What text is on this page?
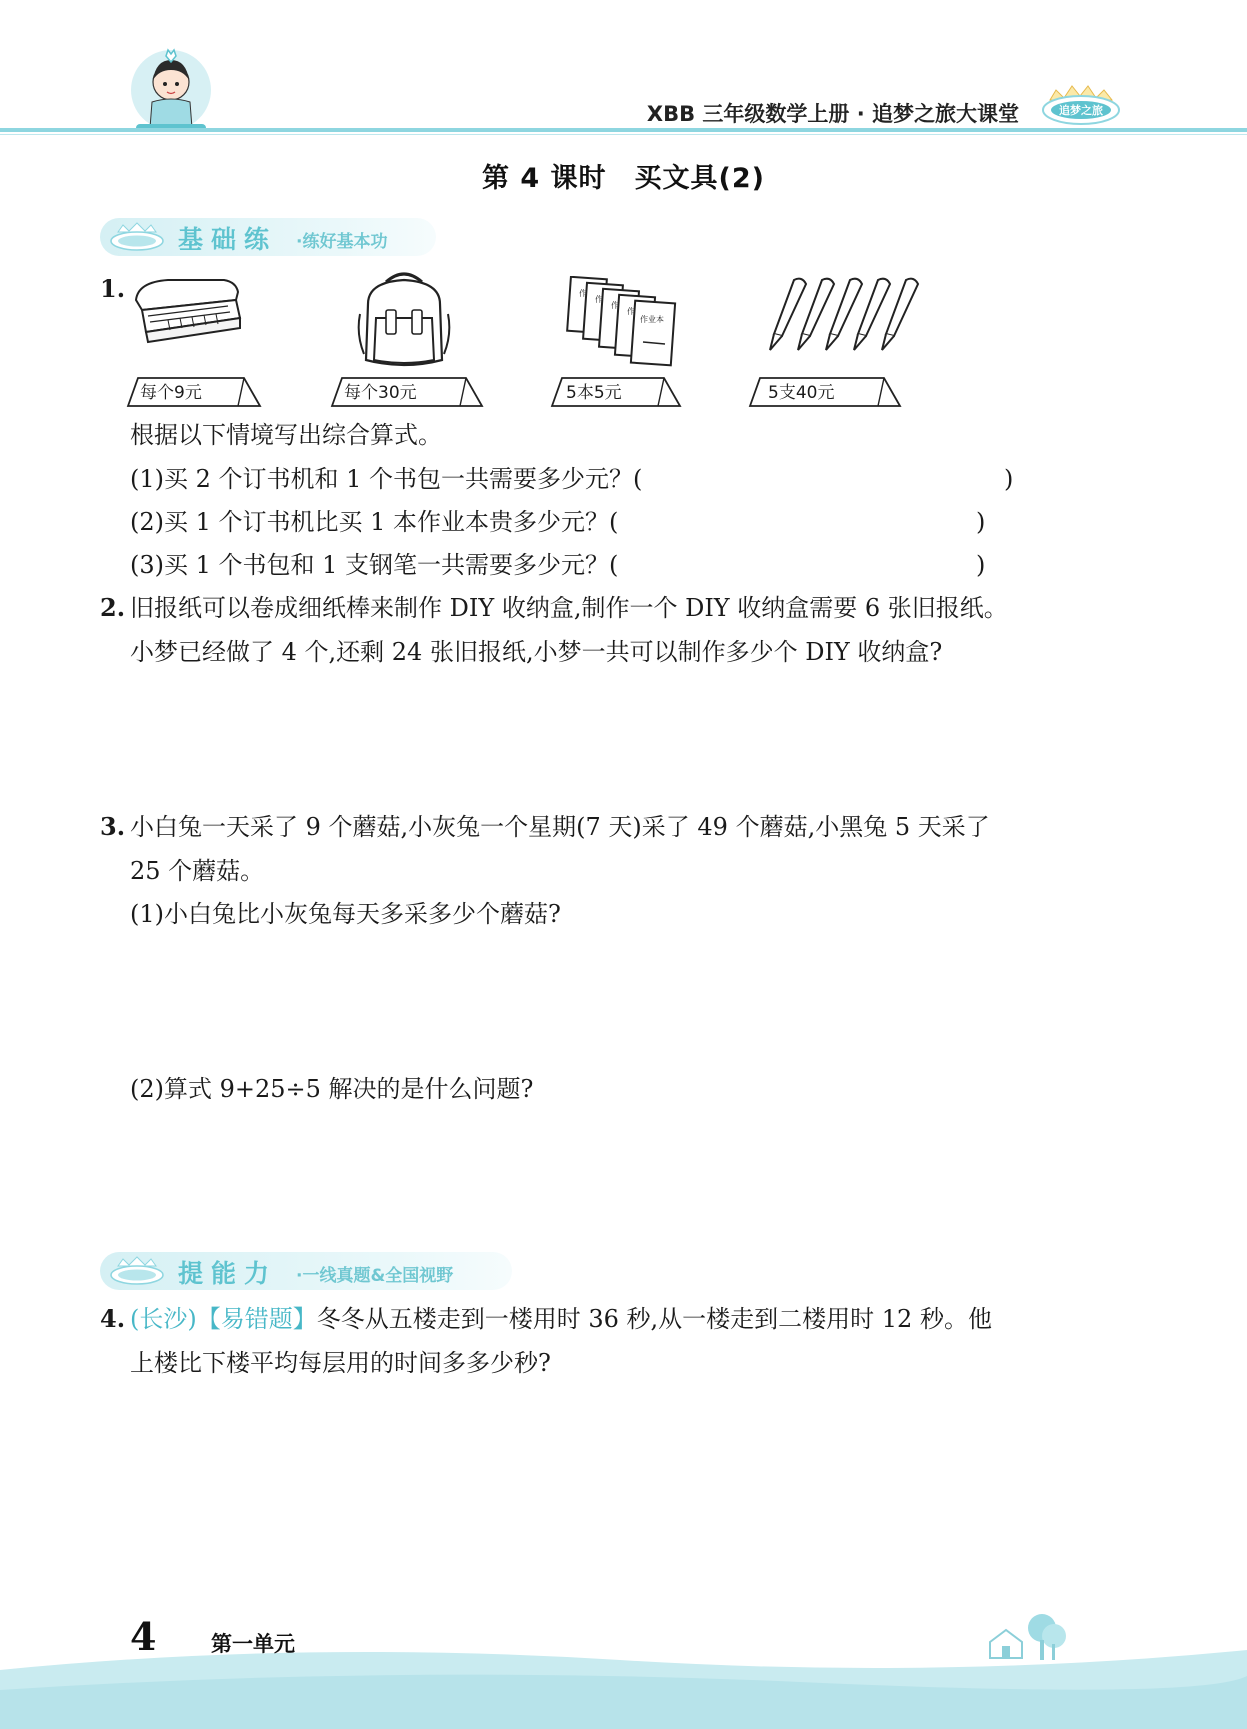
XBB 三年级数学上册 · 追梦之旅大课堂	追梦之旅
第 4 课时　买文具(2)
基础练 ·练好基本功
1.	作
作
作
作
作业本
每个9元	每个30元	5本5元	5支40元
根据以下情境写出综合算式。
(1)买 2 个订书机和 1 个书包一共需要多少元？(	)
(2)买 1 个订书机比买 1 本作业本贵多少元？(	)
(3)买 1 个书包和 1 支钢笔一共需要多少元？(	)
2. 旧报纸可以卷成细纸棒来制作 DIY 收纳盒,制作一个 DIY 收纳盒需要 6 张旧报纸。
小梦已经做了 4 个,还剩 24 张旧报纸,小梦一共可以制作多少个 DIY 收纳盒?
3. 小白兔一天采了 9 个蘑菇,小灰兔一个星期(7 天)采了 49 个蘑菇,小黑兔 5 天采了
25 个蘑菇。
(1)小白兔比小灰兔每天多采多少个蘑菇?
(2)算式 9+25÷5 解决的是什么问题?
提能力 ·一线真题&全国视野
4. (长沙)【易错题】冬冬从五楼走到一楼用时 36 秒,从一楼走到二楼用时 12 秒。他
上楼比下楼平均每层用的时间多多少秒?
4	第一单元
